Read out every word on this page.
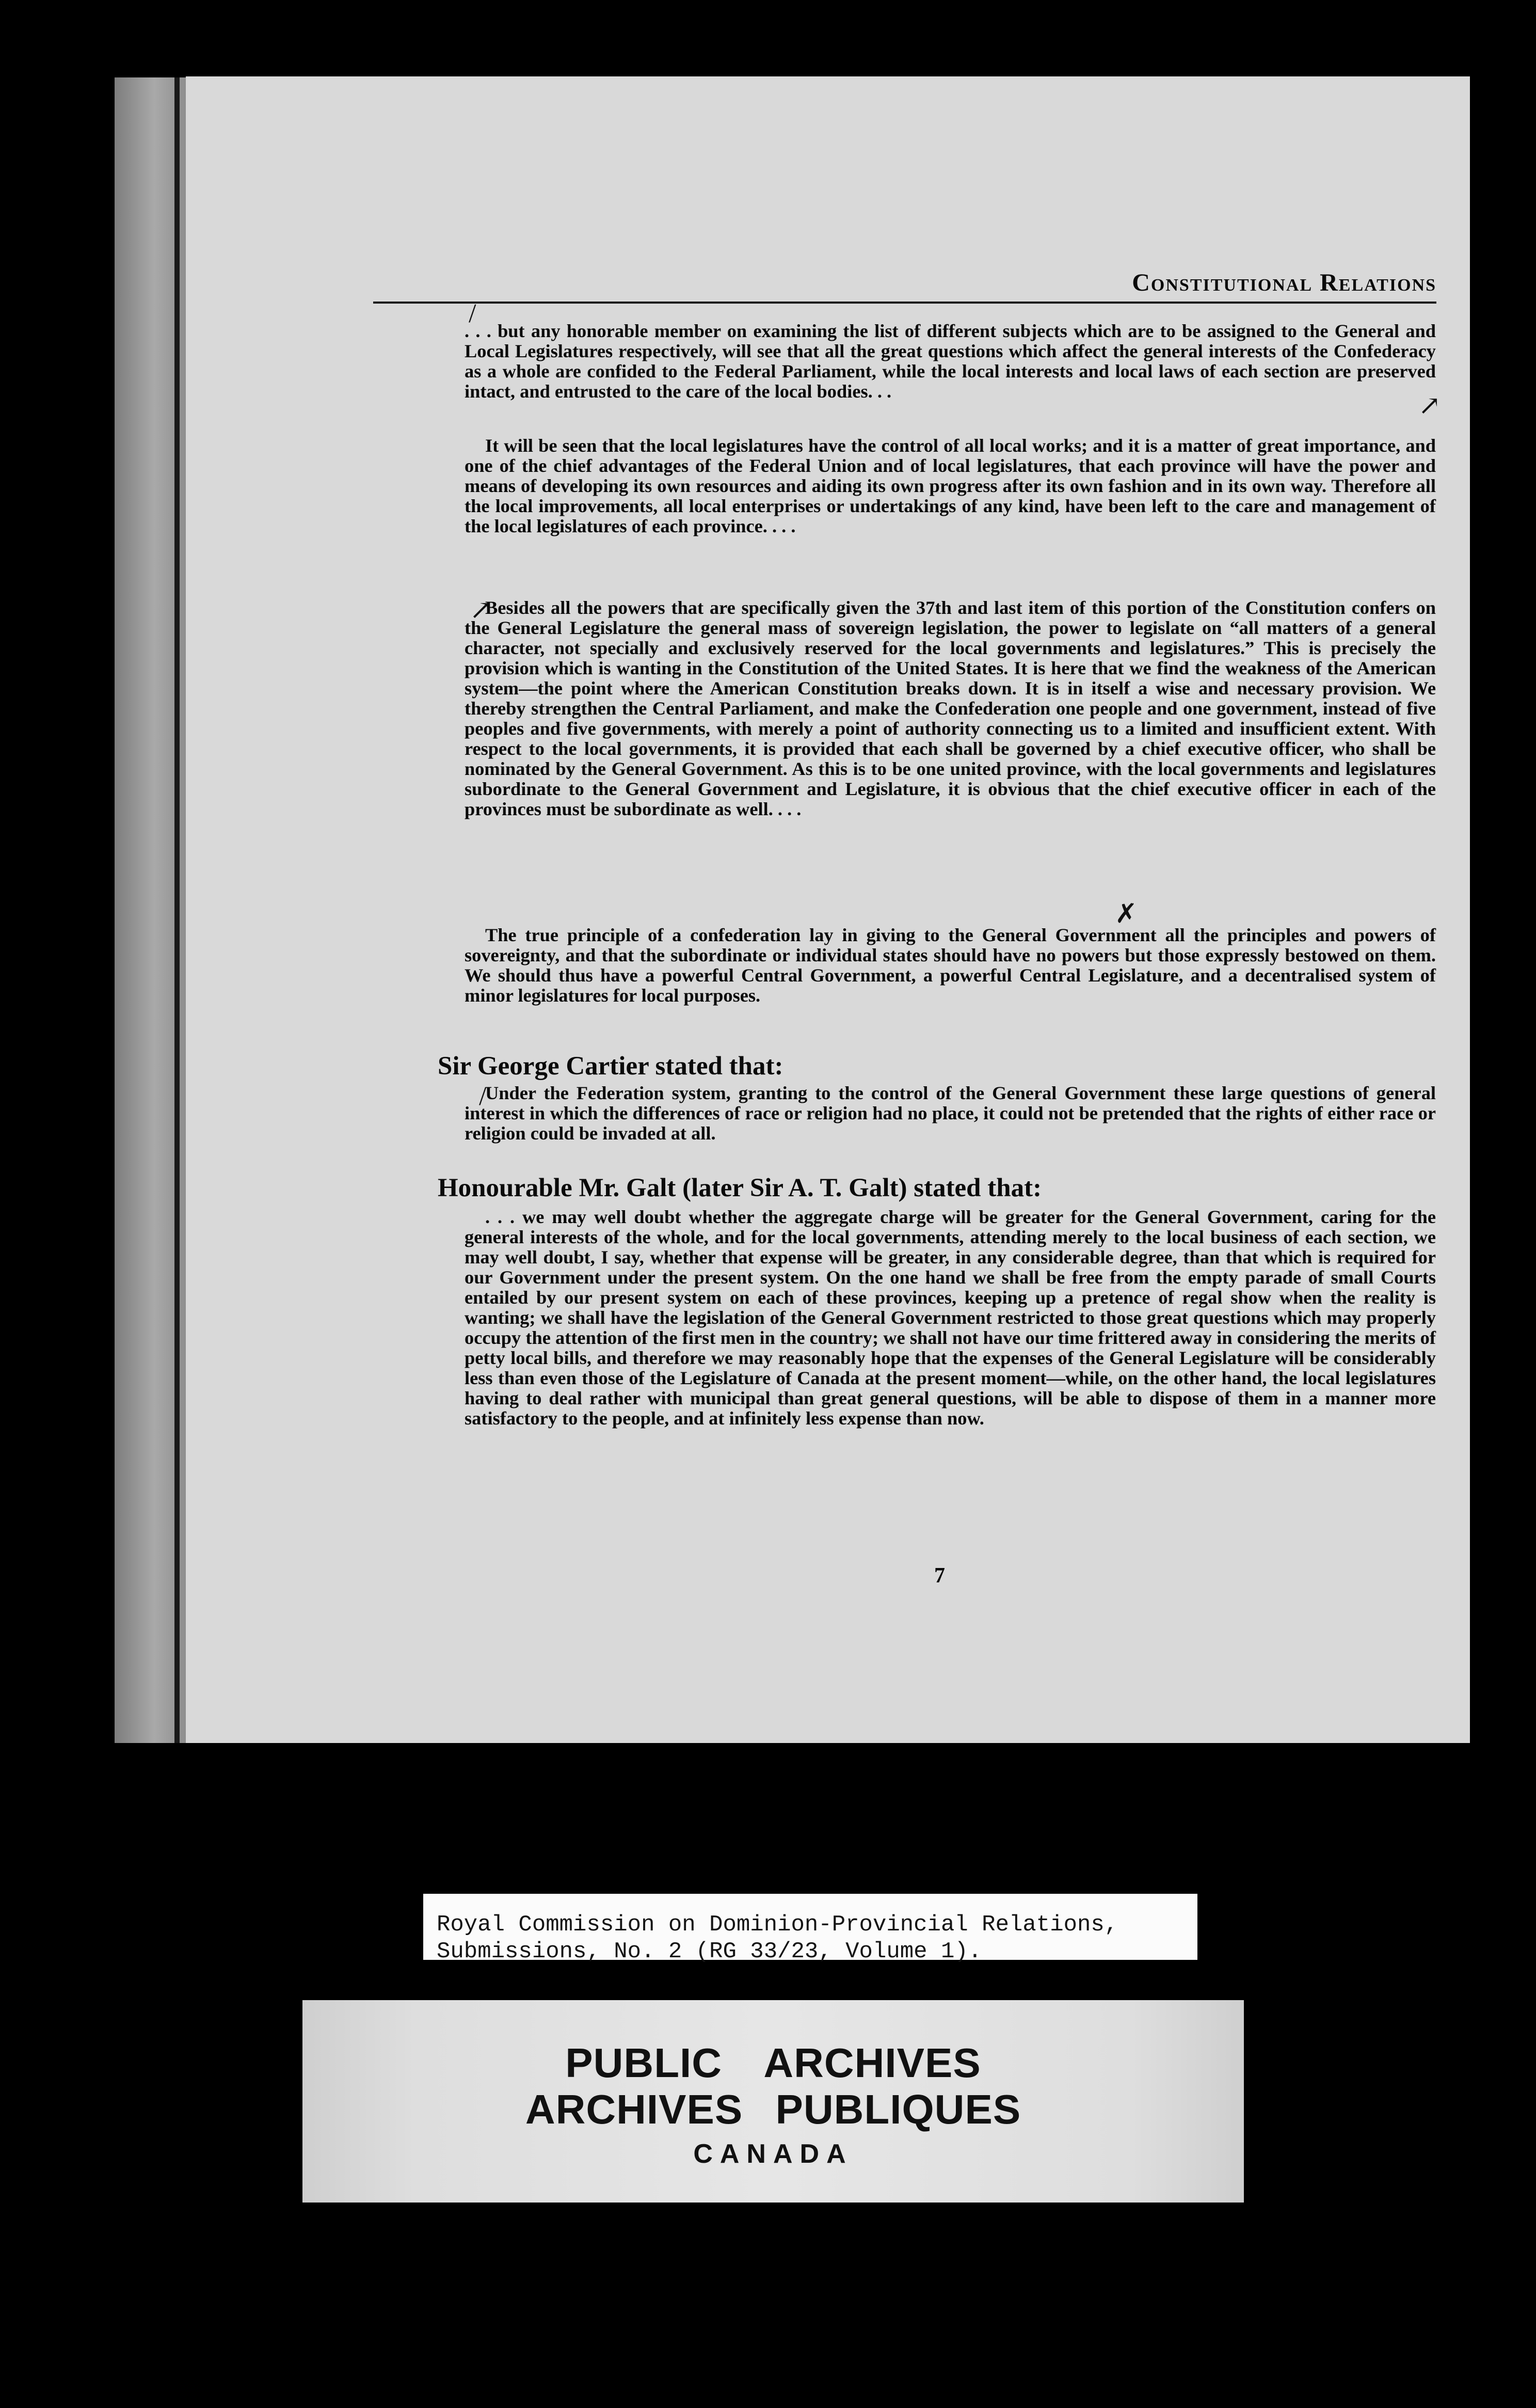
Constitutional Relations
/

. . . but any honorable member on examining the list of different subjects which are to be assigned to the General and Local Legislatures respectively, will see that all the great questions which affect the general interests of the Confederacy as a whole are confided to the Federal Parliament, while the local interests and local laws of each section are preserved intact, and entrusted to the care of the local bodies. . .	↗

It will be seen that the local legislatures have the control of all local works; and it is a matter of great importance, and one of the chief advantages of the Federal Union and of local legislatures, that each province will have the power and means of developing its own resources and aiding its own progress after its own fashion and in its own way. Therefore all the local improvements, all local enterprises or undertakings of any kind, have been left to the care and management of the local legislatures of each province. . . .

↗

Besides all the powers that are specifically given the 37th and last item of this portion of the Constitution confers on the General Legislature the general mass of sovereign legislation, the power to legislate on “all matters of a general character, not specially and exclusively reserved for the local governments and legislatures.” This is precisely the provision which is wanting in the Constitution of the United States. It is here that we find the weakness of the American system—the point where the American Constitution breaks down. It is in itself a wise and necessary provision. We thereby strengthen the Central Parliament, and make the Confederation one people and one government, instead of five peoples and five governments, with merely a point of authority connecting us to a limited and insufficient extent. With respect to the local governments, it is provided that each shall be governed by a chief executive officer, who shall be nominated by the General Government. As this is to be one united province, with the local governments and legislatures subordinate to the General Government and Legislature, it is obvious that the chief executive officer in each of the provinces must be subordinate as well. . . .

✗

The true principle of a confederation lay in giving to the General Government all the principles and powers of sovereignty, and that the subordinate or individual states should have no powers but those expressly bestowed on them. We should thus have a powerful Central Government, a powerful Central Legislature, and a decentralised system of minor legislatures for local purposes.

Sir George Cartier stated that:
/

Under the Federation system, granting to the control of the General Government these large questions of general interest in which the differences of race or religion had no place, it could not be pretended that the rights of either race or religion could be invaded at all.

Honourable Mr. Galt (later Sir A. T. Galt) stated that:

. . . we may well doubt whether the aggregate charge will be greater for the General Government, caring for the general interests of the whole, and for the local governments, attending merely to the local business of each section, we may well doubt, I say, whether that expense will be greater, in any considerable degree, than that which is required for our Government under the present system. On the one hand we shall be free from the empty parade of small Courts entailed by our present system on each of these provinces, keeping up a pretence of regal show when the reality is wanting; we shall have the legislation of the General Government restricted to those great questions which may properly occupy the attention of the first men in the country; we shall not have our time frittered away in considering the merits of petty local bills, and therefore we may reasonably hope that the expenses of the General Legislature will be considerably less than even those of the Legislature of Canada at the present moment—while, on the other hand, the local legislatures having to deal rather with municipal than great general questions, will be able to dispose of them in a manner more satisfactory to the people, and at infinitely less expense than now.

7
Royal Commission on Dominion-Provincial Relations,
Submissions, No. 2 (RG 33/23, Volume 1).
PUBLIC ARCHIVES
ARCHIVES PUBLIQUES
CANADA
